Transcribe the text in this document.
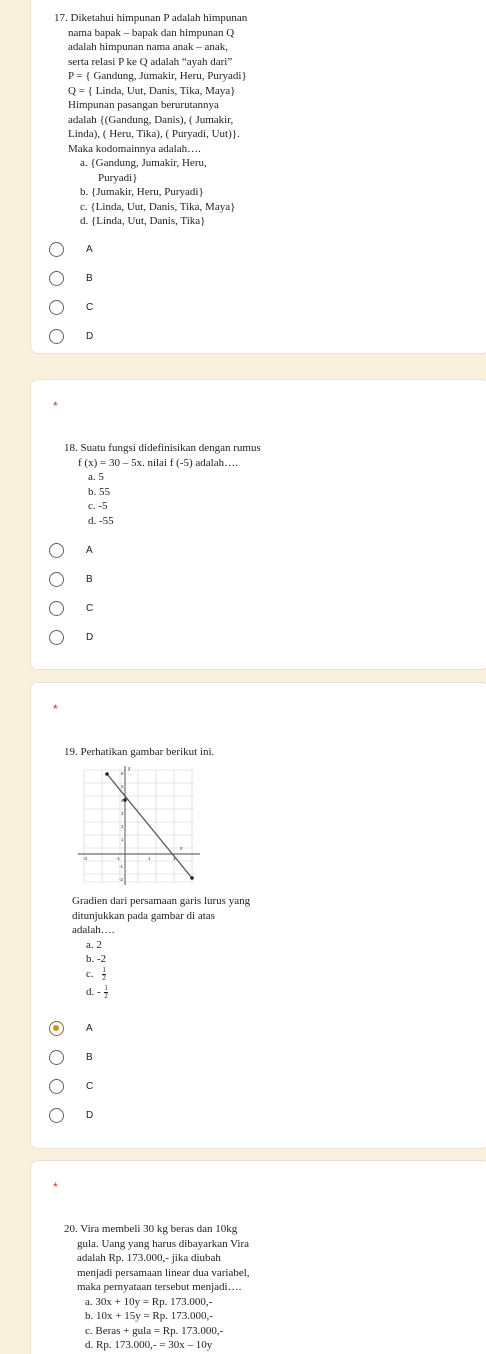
17. Diketahui himpunan P adalah himpunan
nama bapak – bapak dan himpunan Q
adalah himpunan nama anak – anak,
serta relasi P ke Q adalah “ayah dari”
P = { Gandung, Jumakir, Heru, Puryadi}
Q = { Linda, Uut, Danis, Tika, Maya}
Himpunan pasangan berurutannya
adalah {(Gandung, Danis), ( Jumakir,
Linda), ( Heru, Tika), ( Puryadi, Uut)}.
Maka kodomainnya adalah….
a. {Gandung, Jumakir, Heru,
Puryadi}
b. {Jumakir, Heru, Puryadi}
c. {Linda, Uut, Danis, Tika, Maya}
d. {Linda, Uut, Danis, Tika}
A
B
C
D
*
18. Suatu fungsi didefinisikan dengan rumus
f (x) = 30 – 5x. nilai f (-5) adalah….
a. 5
b. 55
c. -5
d. -55
A
B
C
D
*
19. Perhatikan gambar berikut ini.
x
y
-3	-1	1	3
6
5
4
3
2
1
-1
-2
Gradien dari persamaan garis lurus yang
ditunjukkan pada gambar di atas
adalah….
a. 2
b. -2
c. $\frac{1}{2}$
d. - $\frac{1}{2}$
A
B
C
D
*
20. Vira membeli 30 kg beras dan 10kg
gula. Uang yang harus dibayarkan Vira
adalah Rp. 173.000,- jika diubah
menjadi persamaan linear dua variabel,
maka pernyataan tersebut menjadi….
a. 30x + 10y = Rp. 173.000,-
b. 10x + 15y = Rp. 173.000,-
c. Beras + gula = Rp. 173.000,-
d. Rp. 173.000,- = 30x – 10y
